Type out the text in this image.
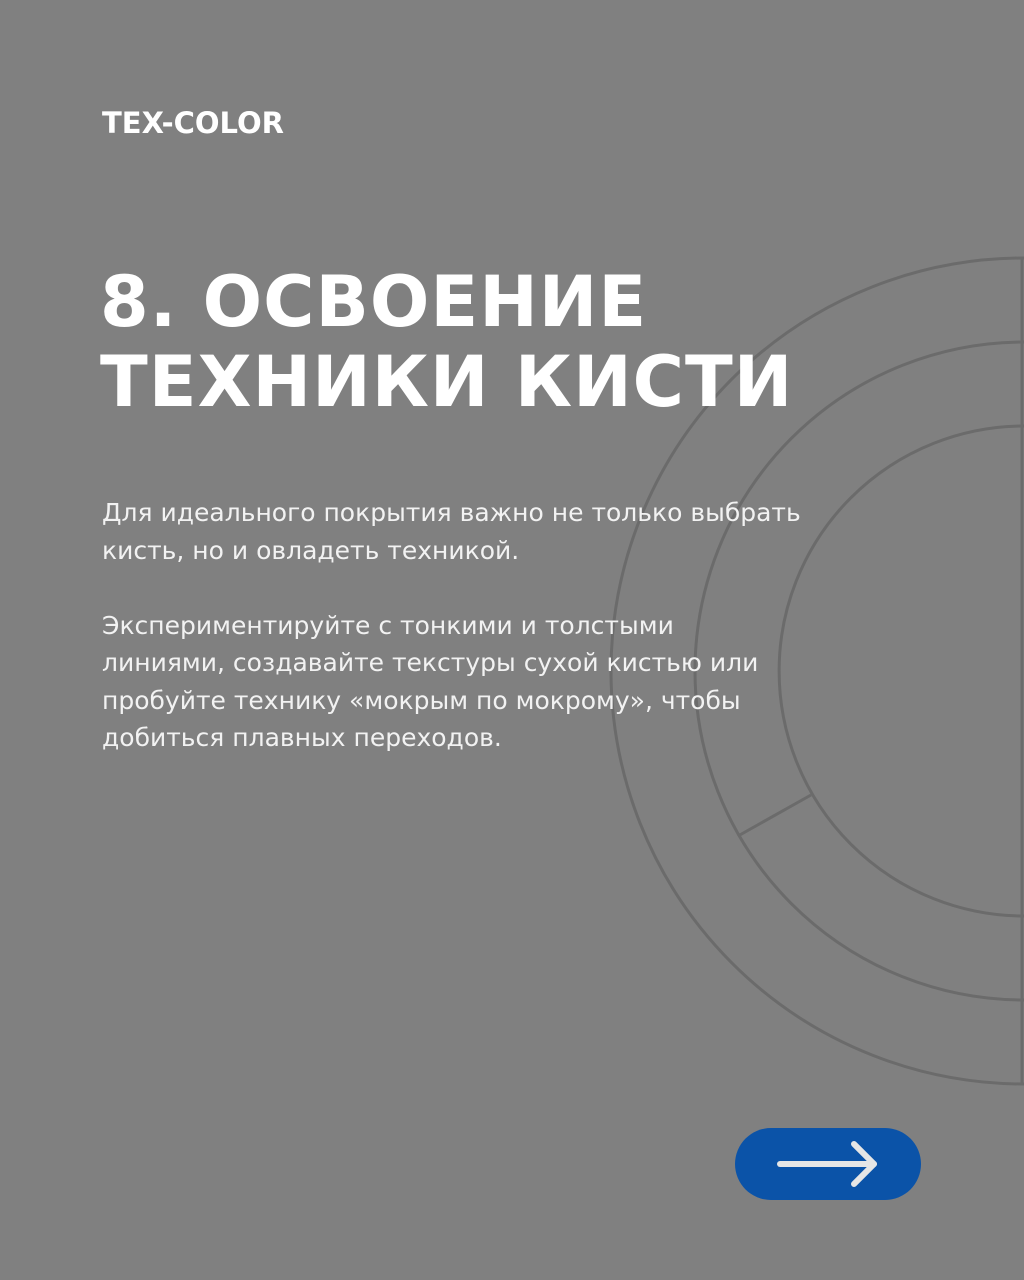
TEX-COLOR
8. ОСВОЕНИЕ
ТЕХНИКИ КИСТИ

Для идеального покрытия важно не только выбрать кисть, но и овладеть техникой.

Экспериментируйте с тонкими и толстыми линиями, создавайте текстуры сухой кистью или пробуйте технику «мокрым по мокрому», чтобы добиться плавных переходов.
